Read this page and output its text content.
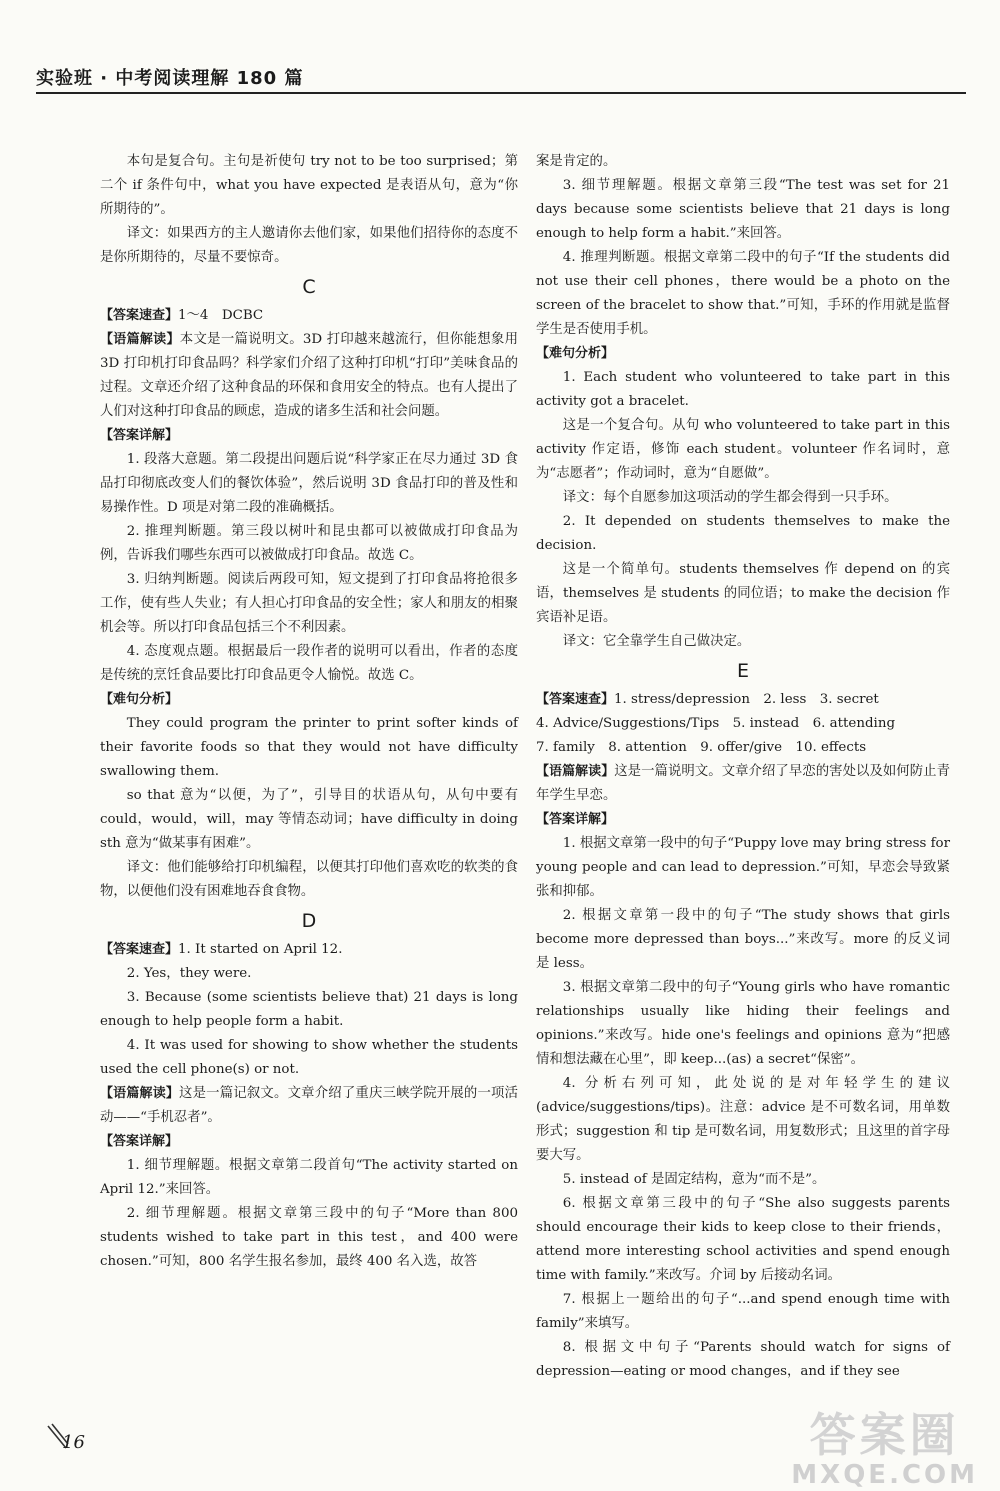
实验班 · 中考阅读理解 180 篇

本句是复合句。主句是祈使句 try not to be too surprised；第二个 if 条件句中，what you have expected 是表语从句，意为“你所期待的”。

译文：如果西方的主人邀请你去他们家，如果他们招待你的态度不是你所期待的，尽量不要惊奇。

C

【答案速查】1～4　DCBC

【语篇解读】本文是一篇说明文。3D 打印越来越流行，但你能想象用 3D 打印机打印食品吗？科学家们介绍了这种打印机“打印”美味食品的过程。文章还介绍了这种食品的环保和食用安全的特点。也有人提出了人们对这种打印食品的顾虑，造成的诸多生活和社会问题。

【答案详解】

1. 段落大意题。第二段提出问题后说“科学家正在尽力通过 3D 食品打印彻底改变人们的餐饮体验”，然后说明 3D 食品打印的普及性和易操作性。D 项是对第二段的准确概括。

2. 推理判断题。第三段以树叶和昆虫都可以被做成打印食品为例，告诉我们哪些东西可以被做成打印食品。故选 C。

3. 归纳判断题。阅读后两段可知，短文提到了打印食品将抢很多工作，使有些人失业；有人担心打印食品的安全性；家人和朋友的相聚机会等。所以打印食品包括三个不利因素。

4. 态度观点题。根据最后一段作者的说明可以看出，作者的态度是传统的烹饪食品要比打印食品更令人愉悦。故选 C。

【难句分析】

They could program the printer to print softer kinds of their favorite foods so that they would not have difficulty swallowing them.

so that 意为“以便，为了”，引导目的状语从句，从句中要有 could，would，will，may 等情态动词；have difficulty in doing sth 意为“做某事有困难”。

译文：他们能够给打印机编程，以便其打印他们喜欢吃的软类的食物，以便他们没有困难地吞食食物。

D

【答案速查】1. It started on April 12.

2. Yes，they were.

3. Because (some scientists believe that) 21 days is long enough to help people form a habit.

4. It was used for showing to show whether the students used the cell phone(s) or not.

【语篇解读】这是一篇记叙文。文章介绍了重庆三峡学院开展的一项活动——“手机忍者”。

【答案详解】

1. 细节理解题。根据文章第二段首句“The activity started on April 12.”来回答。

2. 细节理解题。根据文章第三段中的句子“More than 800 students wished to take part in this test，and 400 were chosen.”可知，800 名学生报名参加，最终 400 名入选，故答

案是肯定的。

3. 细节理解题。根据文章第三段“The test was set for 21 days because some scientists believe that 21 days is long enough to help form a habit.”来回答。

4. 推理判断题。根据文章第二段中的句子“If the students did not use their cell phones，there would be a photo on the screen of the bracelet to show that.”可知，手环的作用就是监督学生是否使用手机。

【难句分析】

1. Each student who volunteered to take part in this activity got a bracelet.

这是一个复合句。从句 who volunteered to take part in this activity 作定语，修饰 each student。volunteer 作名词时，意为“志愿者”；作动词时，意为“自愿做”。

译文：每个自愿参加这项活动的学生都会得到一只手环。

2. It depended on students themselves to make the decision.

这是一个简单句。students themselves 作 depend on 的宾语，themselves 是 students 的同位语；to make the decision 作宾语补足语。

译文：它全靠学生自己做决定。

E

【答案速查】1. stress/depression　2. less　3. secret

4. Advice/Suggestions/Tips　5. instead　6. attending

7. family　8. attention　9. offer/give　10. effects

【语篇解读】这是一篇说明文。文章介绍了早恋的害处以及如何防止青年学生早恋。

【答案详解】

1. 根据文章第一段中的句子“Puppy love may bring stress for young people and can lead to depression.”可知，早恋会导致紧张和抑郁。

2. 根据文章第一段中的句子“The study shows that girls become more depressed than boys...”来改写。more 的反义词是 less。

3. 根据文章第二段中的句子“Young girls who have romantic relationships usually like hiding their feelings and opinions.”来改写。hide one's feelings and opinions 意为“把感情和想法藏在心里”，即 keep...(as) a secret“保密”。

4. 分析右列可知，此处说的是对年轻学生的建议(advice/suggestions/tips)。注意：advice 是不可数名词，用单数形式；suggestion 和 tip 是可数名词，用复数形式；且这里的首字母要大写。

5. instead of 是固定结构，意为“而不是”。

6. 根据文章第三段中的句子“She also suggests parents should encourage their kids to keep close to their friends，attend more interesting school activities and spend enough time with family.”来改写。介词 by 后接动名词。

7. 根据上一题给出的句子“...and spend enough time with family”来填写。

8. 根据文中句子“Parents should watch for signs of depression—eating or mood changes，and if they see

16	答案圈
MXQE.COM
